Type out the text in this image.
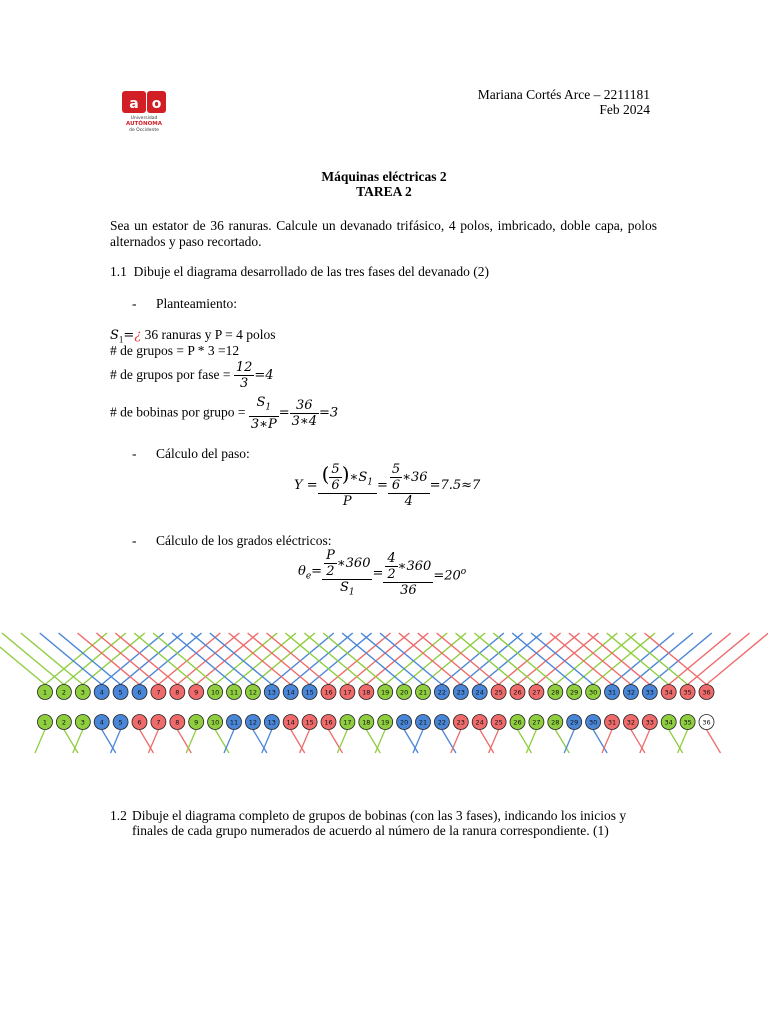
a o
Universidad
AUTÓNOMA
de Occidente
Mariana Cortés Arce – 2211181
Feb 2024
Máquinas eléctricas 2
TAREA 2
Sea un estator de 36 ranuras. Calcule un devanado trifásico, 4 polos, imbricado, doble capa, polos alternados y paso recortado.
1.1 Dibuje el diagrama desarrollado de las tres fases del devanado (2)
- Planteamiento:
$S_1=¿$ 36 ranuras y P = 4 polos
# de grupos = P * 3 =12
# de grupos por fase = $\frac{12}{3} =4$
# de bobinas por grupo = $\frac{S_1}{3∗P} = \frac{36}{3∗4} =3$
- Cálculo del paso:
$Y = \frac{( \frac{5}{6} )∗S_1}{P} = \frac{\frac{5}{6} ∗36}{4} =7.5\approx 7$
- Cálculo de los grados eléctricos:
$\theta_e= \frac{\frac{P}{2} ∗360}{S_1} = \frac{\frac{4}{2} ∗360}{36} =20^o$
1
1
2
2
3
3
4
4
5
5
6
6
7
7
8
8
9
9
10
10
11
11
12
12
13
13
14
14
15
15
16
16
17
17
18
18
19
19
20
20
21
21
22
22
23
23
24
24
25
25
26
26
27
27
28
28
29
29
30
30
31
31
32
32
33
33
34
34
35
35
36
36
1.2 Dibuje el diagrama completo de grupos de bobinas (con las 3 fases), indicando los inicios y finales de cada grupo numerados de acuerdo al número de la ranura correspondiente. (1)
